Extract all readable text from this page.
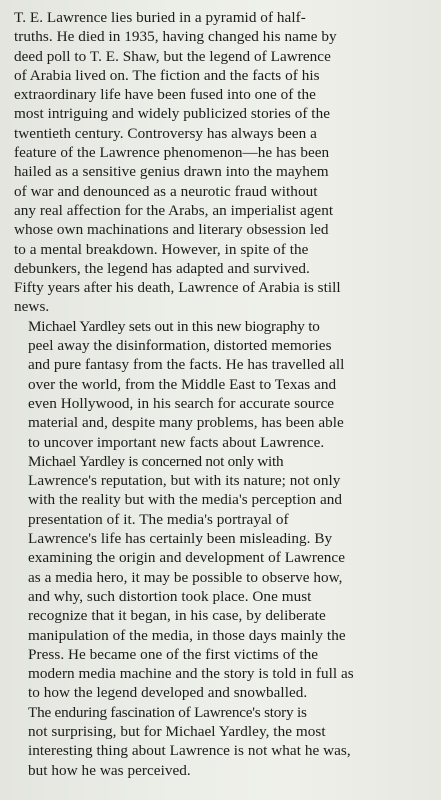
T. E. Lawrence lies buried in a pyramid of half-
truths. He died in 1935, having changed his name by
deed poll to T. E. Shaw, but the legend of Lawrence
of Arabia lived on. The fiction and the facts of his
extraordinary life have been fused into one of the
most intriguing and widely publicized stories of the
twentieth century. Controversy has always been a
feature of the Lawrence phenomenon—he has been
hailed as a sensitive genius drawn into the mayhem
of war and denounced as a neurotic fraud without
any real affection for the Arabs, an imperialist agent
whose own machinations and literary obsession led
to a mental breakdown. However, in spite of the
debunkers, the legend has adapted and survived.
Fifty years after his death, Lawrence of Arabia is still
news.

Michael Yardley sets out in this new biography to
peel away the disinformation, distorted memories
and pure fantasy from the facts. He has travelled all
over the world, from the Middle East to Texas and
even Hollywood, in his search for accurate source
material and, despite many problems, has been able
to uncover important new facts about Lawrence.

Michael Yardley is concerned not only with
Lawrence's reputation, but with its nature; not only
with the reality but with the media's perception and
presentation of it. The media's portrayal of
Lawrence's life has certainly been misleading. By
examining the origin and development of Lawrence
as a media hero, it may be possible to observe how,
and why, such distortion took place. One must
recognize that it began, in his case, by deliberate
manipulation of the media, in those days mainly the
Press. He became one of the first victims of the
modern media machine and the story is told in full as
to how the legend developed and snowballed.

The enduring fascination of Lawrence's story is
not surprising, but for Michael Yardley, the most
interesting thing about Lawrence is not what he was,
but how he was perceived.
